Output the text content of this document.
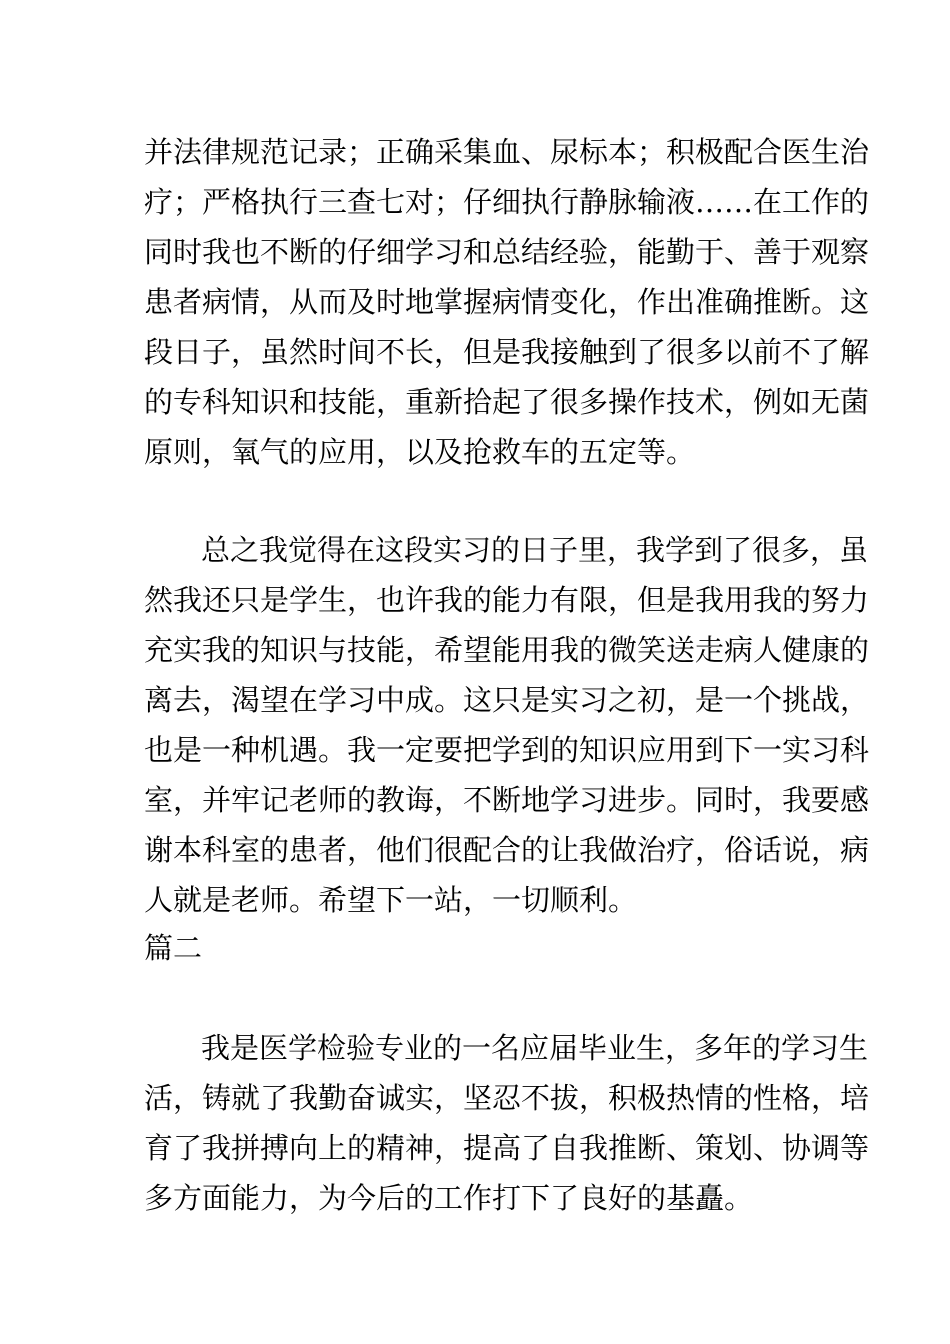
并法律规范记录；正确采集血、尿标本；积极配合医生治
疗；严格执行三查七对；仔细执行静脉输液……在工作的
同时我也不断的仔细学习和总结经验，能勤于、善于观察
患者病情，从而及时地掌握病情变化，作出准确推断。这
段日子，虽然时间不长，但是我接触到了很多以前不了解
的专科知识和技能，重新拾起了很多操作技术，例如无菌
原则，氧气的应用，以及抢救车的五定等。
总之我觉得在这段实习的日子里，我学到了很多，虽
然我还只是学生，也许我的能力有限，但是我用我的努力
充实我的知识与技能，希望能用我的微笑送走病人健康的
离去，渴望在学习中成。这只是实习之初，是一个挑战，
也是一种机遇。我一定要把学到的知识应用到下一实习科
室，并牢记老师的教诲，不断地学习进步。同时，我要感
谢本科室的患者，他们很配合的让我做治疗，俗话说，病
人就是老师。希望下一站，一切顺利。
篇二
我是医学检验专业的一名应届毕业生，多年的学习生
活，铸就了我勤奋诚实，坚忍不拔，积极热情的性格，培
育了我拼搏向上的精神，提高了自我推断、策划、协调等
多方面能力，为今后的工作打下了良好的基矗。
